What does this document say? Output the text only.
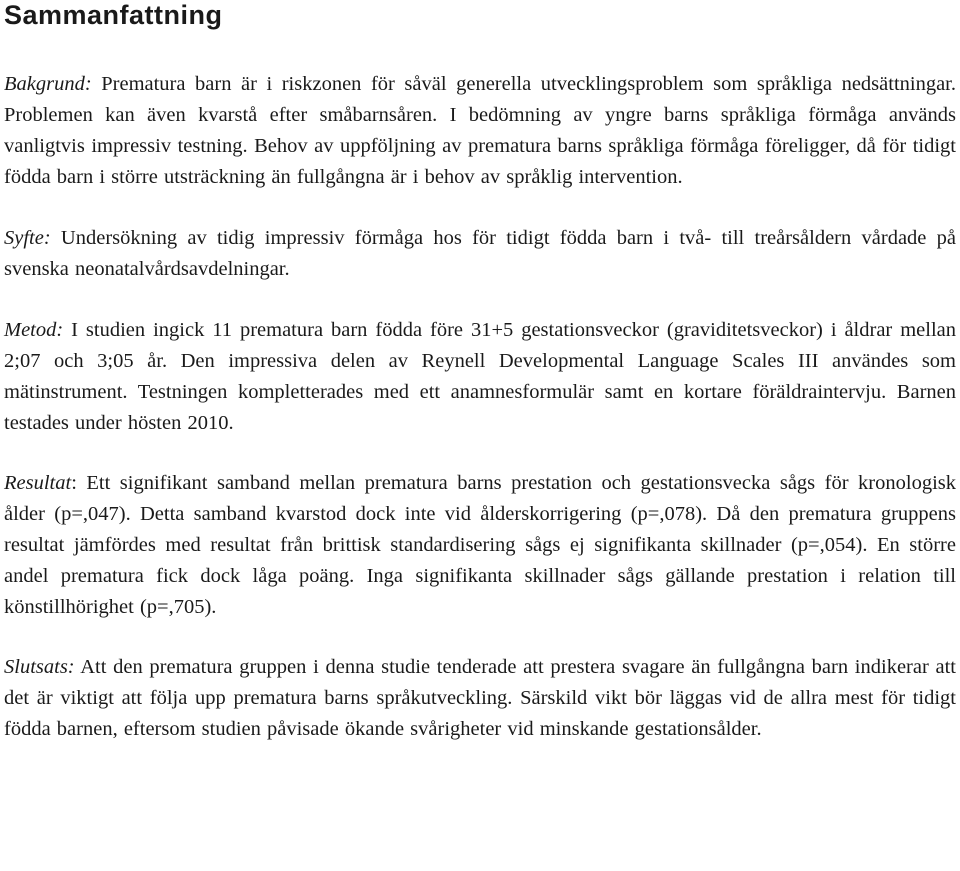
Sammanfattning

Bakgrund: Prematura barn är i riskzonen för såväl generella utvecklingsproblem som språkliga nedsättningar. Problemen kan även kvarstå efter småbarnsåren. I bedömning av yngre barns språkliga förmåga används vanligtvis impressiv testning. Behov av uppföljning av prematura barns språkliga förmåga föreligger, då för tidigt födda barn i större utsträckning än fullgångna är i behov av språklig intervention.

Syfte: Undersökning av tidig impressiv förmåga hos för tidigt födda barn i två- till treårsåldern vårdade på svenska neonatalvårdsavdelningar.

Metod: I studien ingick 11 prematura barn födda före 31+5 gestationsveckor (graviditetsveckor) i åldrar mellan 2;07 och 3;05 år. Den impressiva delen av Reynell Developmental Language Scales III användes som mätinstrument. Testningen kompletterades med ett anamnesformulär samt en kortare föräldraintervju. Barnen testades under hösten 2010.

Resultat: Ett signifikant samband mellan prematura barns prestation och gestationsvecka sågs för kronologisk ålder (p=,047). Detta samband kvarstod dock inte vid ålderskorrigering (p=,078). Då den prematura gruppens resultat jämfördes med resultat från brittisk standardisering sågs ej signifikanta skillnader (p=,054). En större andel prematura fick dock låga poäng. Inga signifikanta skillnader sågs gällande prestation i relation till könstillhörighet (p=,705).

Slutsats: Att den prematura gruppen i denna studie tenderade att prestera svagare än fullgångna barn indikerar att det är viktigt att följa upp prematura barns språkutveckling. Särskild vikt bör läggas vid de allra mest för tidigt födda barnen, eftersom studien påvisade ökande svårigheter vid minskande gestationsålder.
